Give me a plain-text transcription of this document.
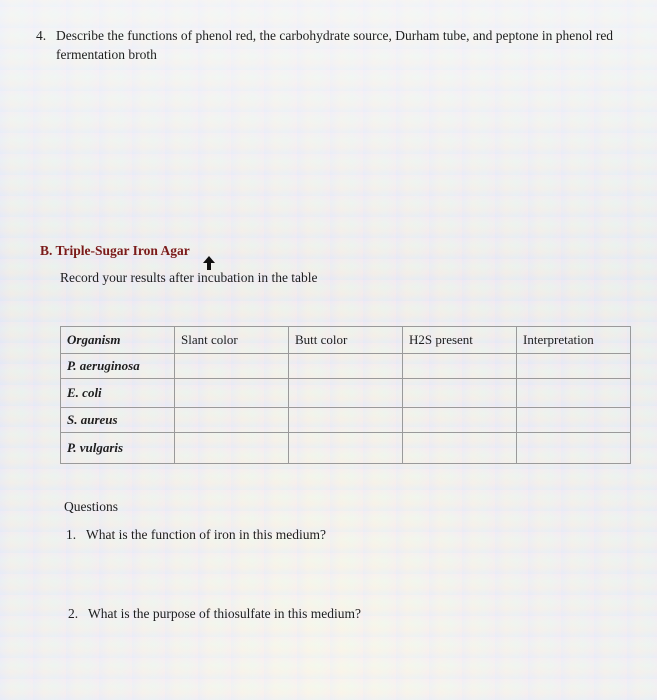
4. Describe the functions of phenol red, the carbohydrate source, Durham tube, and peptone in phenol red fermentation broth
B. Triple-Sugar Iron Agar
Record your results after incubation in the table
Organism	Slant color	Butt color	H2S present	Interpretation
P. aeruginosa				
E. coli				
S. aureus				
P. vulgaris				
Questions
1. What is the function of iron in this medium?
2. What is the purpose of thiosulfate in this medium?
